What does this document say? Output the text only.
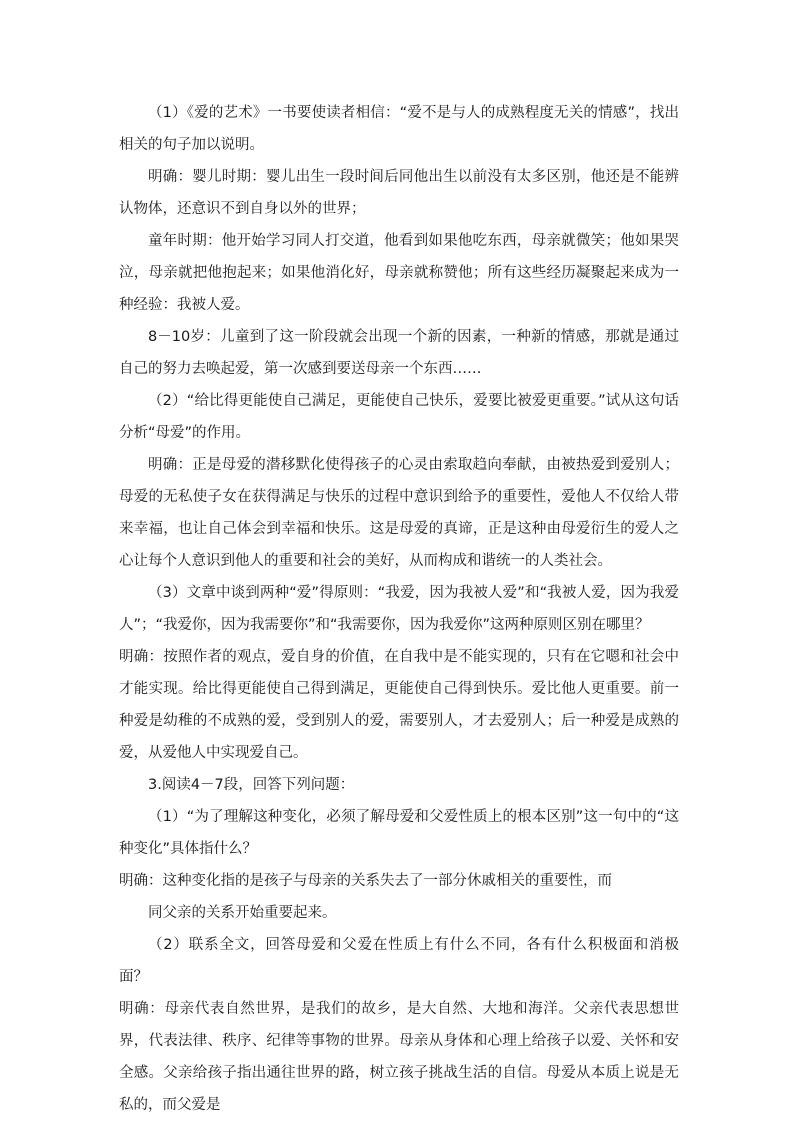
（1）《爱的艺术》一书要使读者相信：“爱不是与人的成熟程度无关的情感”，找出相关的句子加以说明。

明确：婴儿时期：婴儿出生一段时间后同他出生以前没有太多区别，他还是不能辨认物体，还意识不到自身以外的世界；

童年时期：他开始学习同人打交道，他看到如果他吃东西，母亲就微笑；他如果哭泣，母亲就把他抱起来；如果他消化好，母亲就称赞他；所有这些经历凝聚起来成为一种经验：我被人爱。

8－10岁：儿童到了这一阶段就会出现一个新的因素，一种新的情感，那就是通过自己的努力去唤起爱，第一次感到要送母亲一个东西……

（2）“给比得更能使自己满足，更能使自己快乐，爱要比被爱更重要。”试从这句话分析“母爱”的作用。

明确：正是母爱的潜移默化使得孩子的心灵由索取趋向奉献，由被热爱到爱别人；母爱的无私使子女在获得满足与快乐的过程中意识到给予的重要性，爱他人不仅给人带来幸福，也让自己体会到幸福和快乐。这是母爱的真谛，正是这种由母爱衍生的爱人之心让每个人意识到他人的重要和社会的美好，从而构成和谐统一的人类社会。

（3）文章中谈到两种“爱”得原则：“我爱，因为我被人爱”和“我被人爱，因为我爱人”；“我爱你，因为我需要你”和“我需要你，因为我爱你”这两种原则区别在哪里？

明确：按照作者的观点，爱自身的价值，在自我中是不能实现的，只有在它嗯和社会中才能实现。给比得更能使自己得到满足，更能使自己得到快乐。爱比他人更重要。前一种爱是幼稚的不成熟的爱，受到别人的爱，需要别人，才去爱别人；后一种爱是成熟的爱，从爱他人中实现爱自己。

3.阅读4－7段，回答下列问题：

（1）“为了理解这种变化，必须了解母爱和父爱性质上的根本区别”这一句中的“这种变化”具体指什么？

明确：这种变化指的是孩子与母亲的关系失去了一部分休戚相关的重要性，而

同父亲的关系开始重要起来。

（2）联系全文，回答母爱和父爱在性质上有什么不同，各有什么积极面和消极面？

明确：母亲代表自然世界，是我们的故乡，是大自然、大地和海洋。父亲代表思想世界，代表法律、秩序、纪律等事物的世界。母亲从身体和心理上给孩子以爱、关怀和安全感。父亲给孩子指出通往世界的路，树立孩子挑战生活的自信。母爱从本质上说是无私的，而父爱是
